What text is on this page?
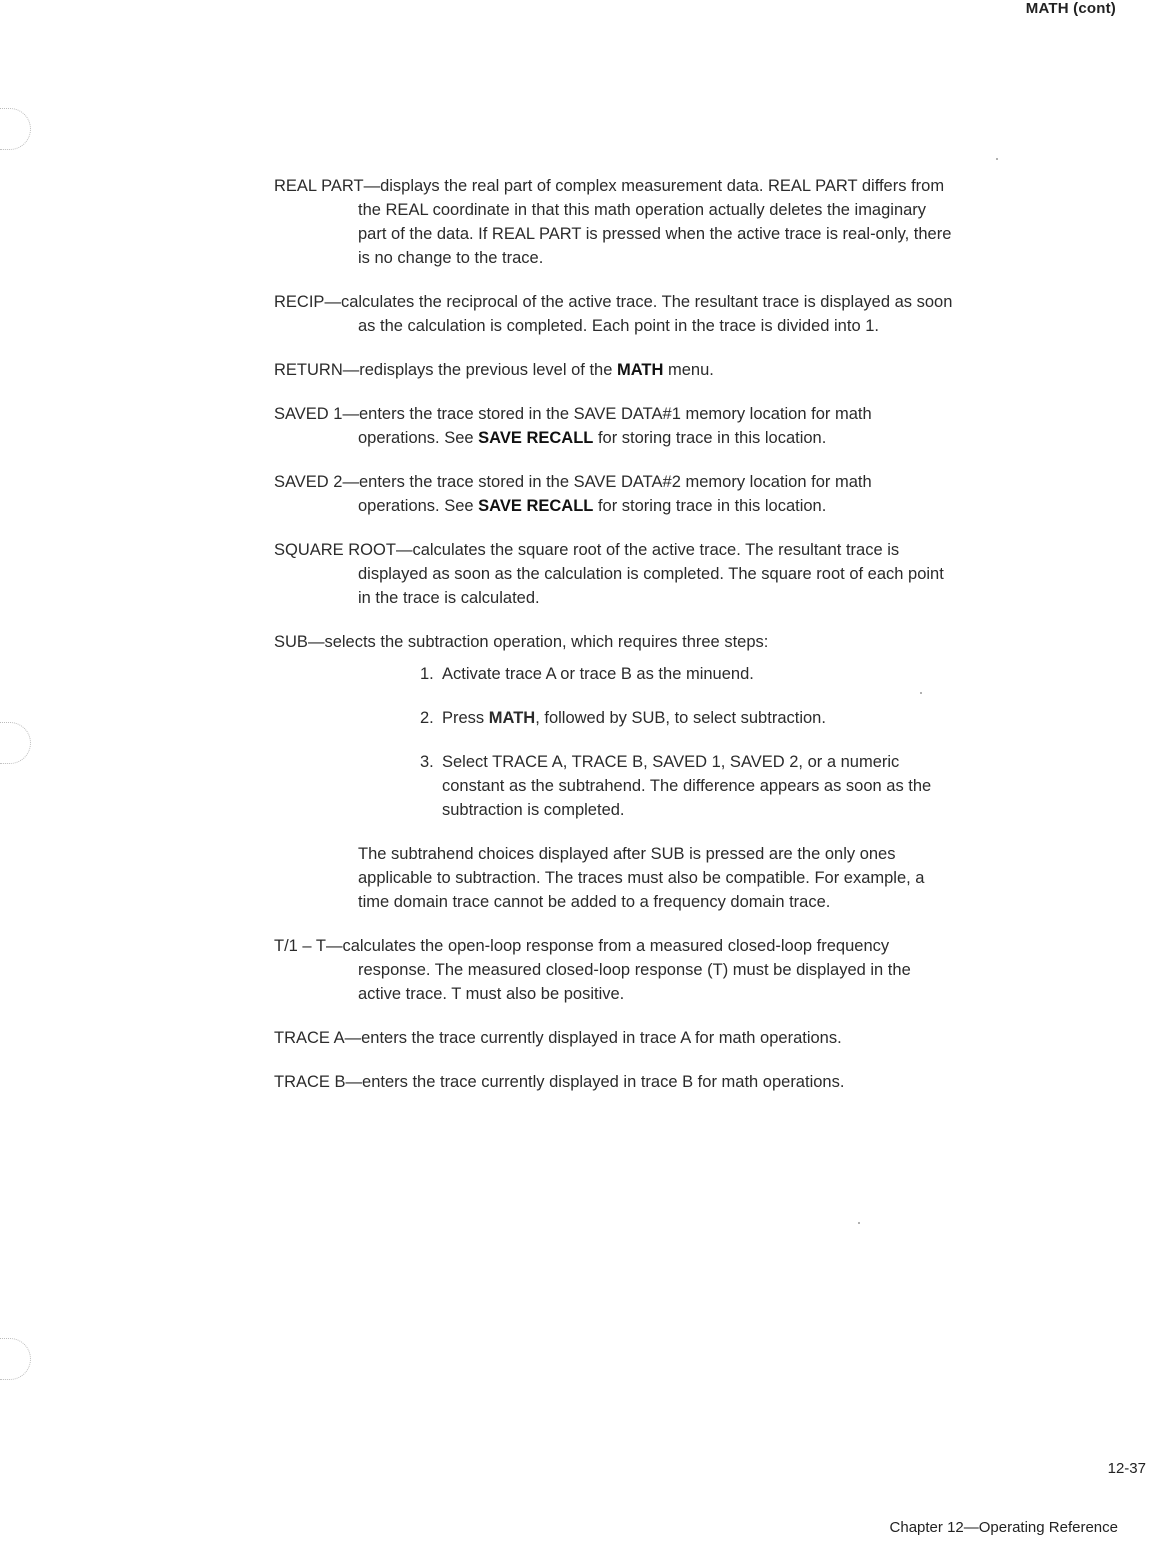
MATH (cont)

REAL PART—displays the real part of complex measurement data. REAL PART differs from the REAL coordinate in that this math operation actually deletes the imaginary part of the data. If REAL PART is pressed when the active trace is real-only, there is no change to the trace.

RECIP—calculates the reciprocal of the active trace. The resultant trace is displayed as soon as the calculation is completed. Each point in the trace is divided into 1.

RETURN—redisplays the previous level of the MATH menu.

SAVED 1—enters the trace stored in the SAVE DATA#1 memory location for math operations. See SAVE RECALL for storing trace in this location.

SAVED 2—enters the trace stored in the SAVE DATA#2 memory location for math operations. See SAVE RECALL for storing trace in this location.

SQUARE ROOT—calculates the square root of the active trace. The resultant trace is displayed as soon as the calculation is completed. The square root of each point in the trace is calculated.

SUB—selects the subtraction operation, which requires three steps:
1. Activate trace A or trace B as the minuend.
2. Press MATH, followed by SUB, to select subtraction.
3. Select TRACE A, TRACE B, SAVED 1, SAVED 2, or a numeric constant as the subtrahend. The difference appears as soon as the subtraction is completed.

The subtrahend choices displayed after SUB is pressed are the only ones applicable to subtraction. The traces must also be compatible. For example, a time domain trace cannot be added to a frequency domain trace.

T/1 – T—calculates the open-loop response from a measured closed-loop frequency response. The measured closed-loop response (T) must be displayed in the active trace. T must also be positive.

TRACE A—enters the trace currently displayed in trace A for math operations.

TRACE B—enters the trace currently displayed in trace B for math operations.

12-37
Chapter 12—Operating Reference
